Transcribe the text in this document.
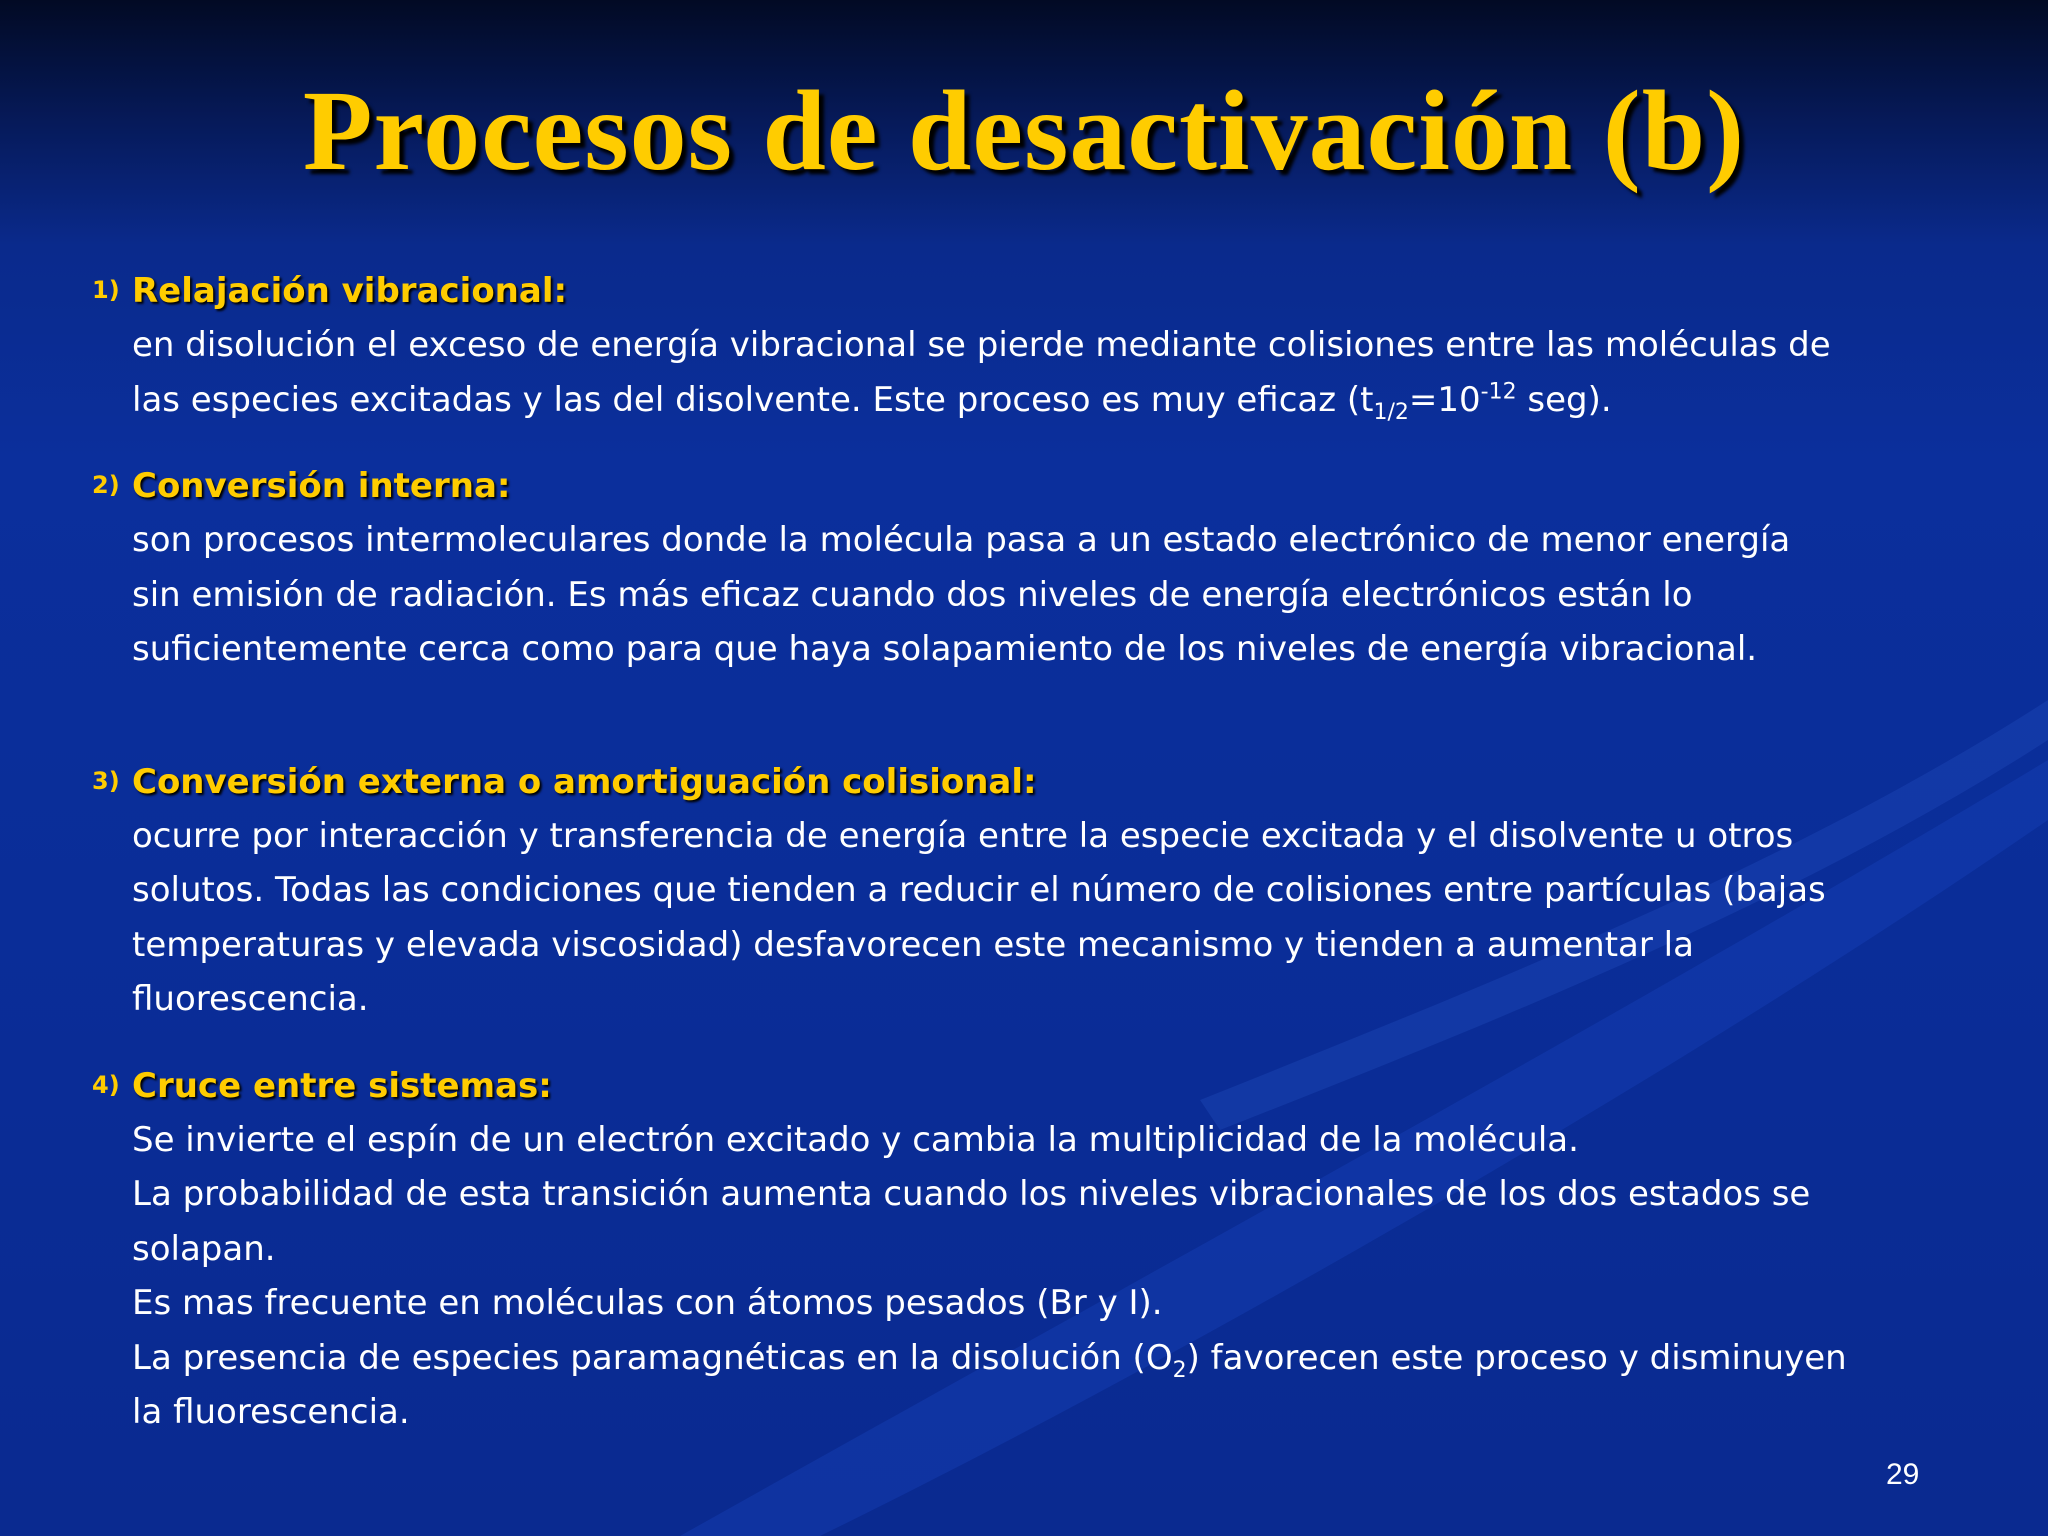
Procesos de desactivación (b)
1) Relajación vibracional:
en disolución el exceso de energía vibracional se pierde mediante colisiones entre las moléculas de
las especies excitadas y las del disolvente. Este proceso es muy eficaz ($t_{1/2}=10^{-12}$ seg).
2) Conversión interna:
son procesos intermoleculares donde la molécula pasa a un estado electrónico de menor energía
sin emisión de radiación. Es más eficaz cuando dos niveles de energía electrónicos están lo
suficientemente cerca como para que haya solapamiento de los niveles de energía vibracional.
3) Conversión externa o amortiguación colisional:
ocurre por interacción y transferencia de energía entre la especie excitada y el disolvente u otros
solutos. Todas las condiciones que tienden a reducir el número de colisiones entre partículas (bajas
temperaturas y elevada viscosidad) desfavorecen este mecanismo y tienden a aumentar la
fluorescencia.
4) Cruce entre sistemas:
Se invierte el espín de un electrón excitado y cambia la multiplicidad de la molécula.
La probabilidad de esta transición aumenta cuando los niveles vibracionales de los dos estados se
solapan.
Es mas frecuente en moléculas con átomos pesados (Br y I).
La presencia de especies paramagnéticas en la disolución $(O_2)$ favorecen este proceso y disminuyen
la fluorescencia.
29
